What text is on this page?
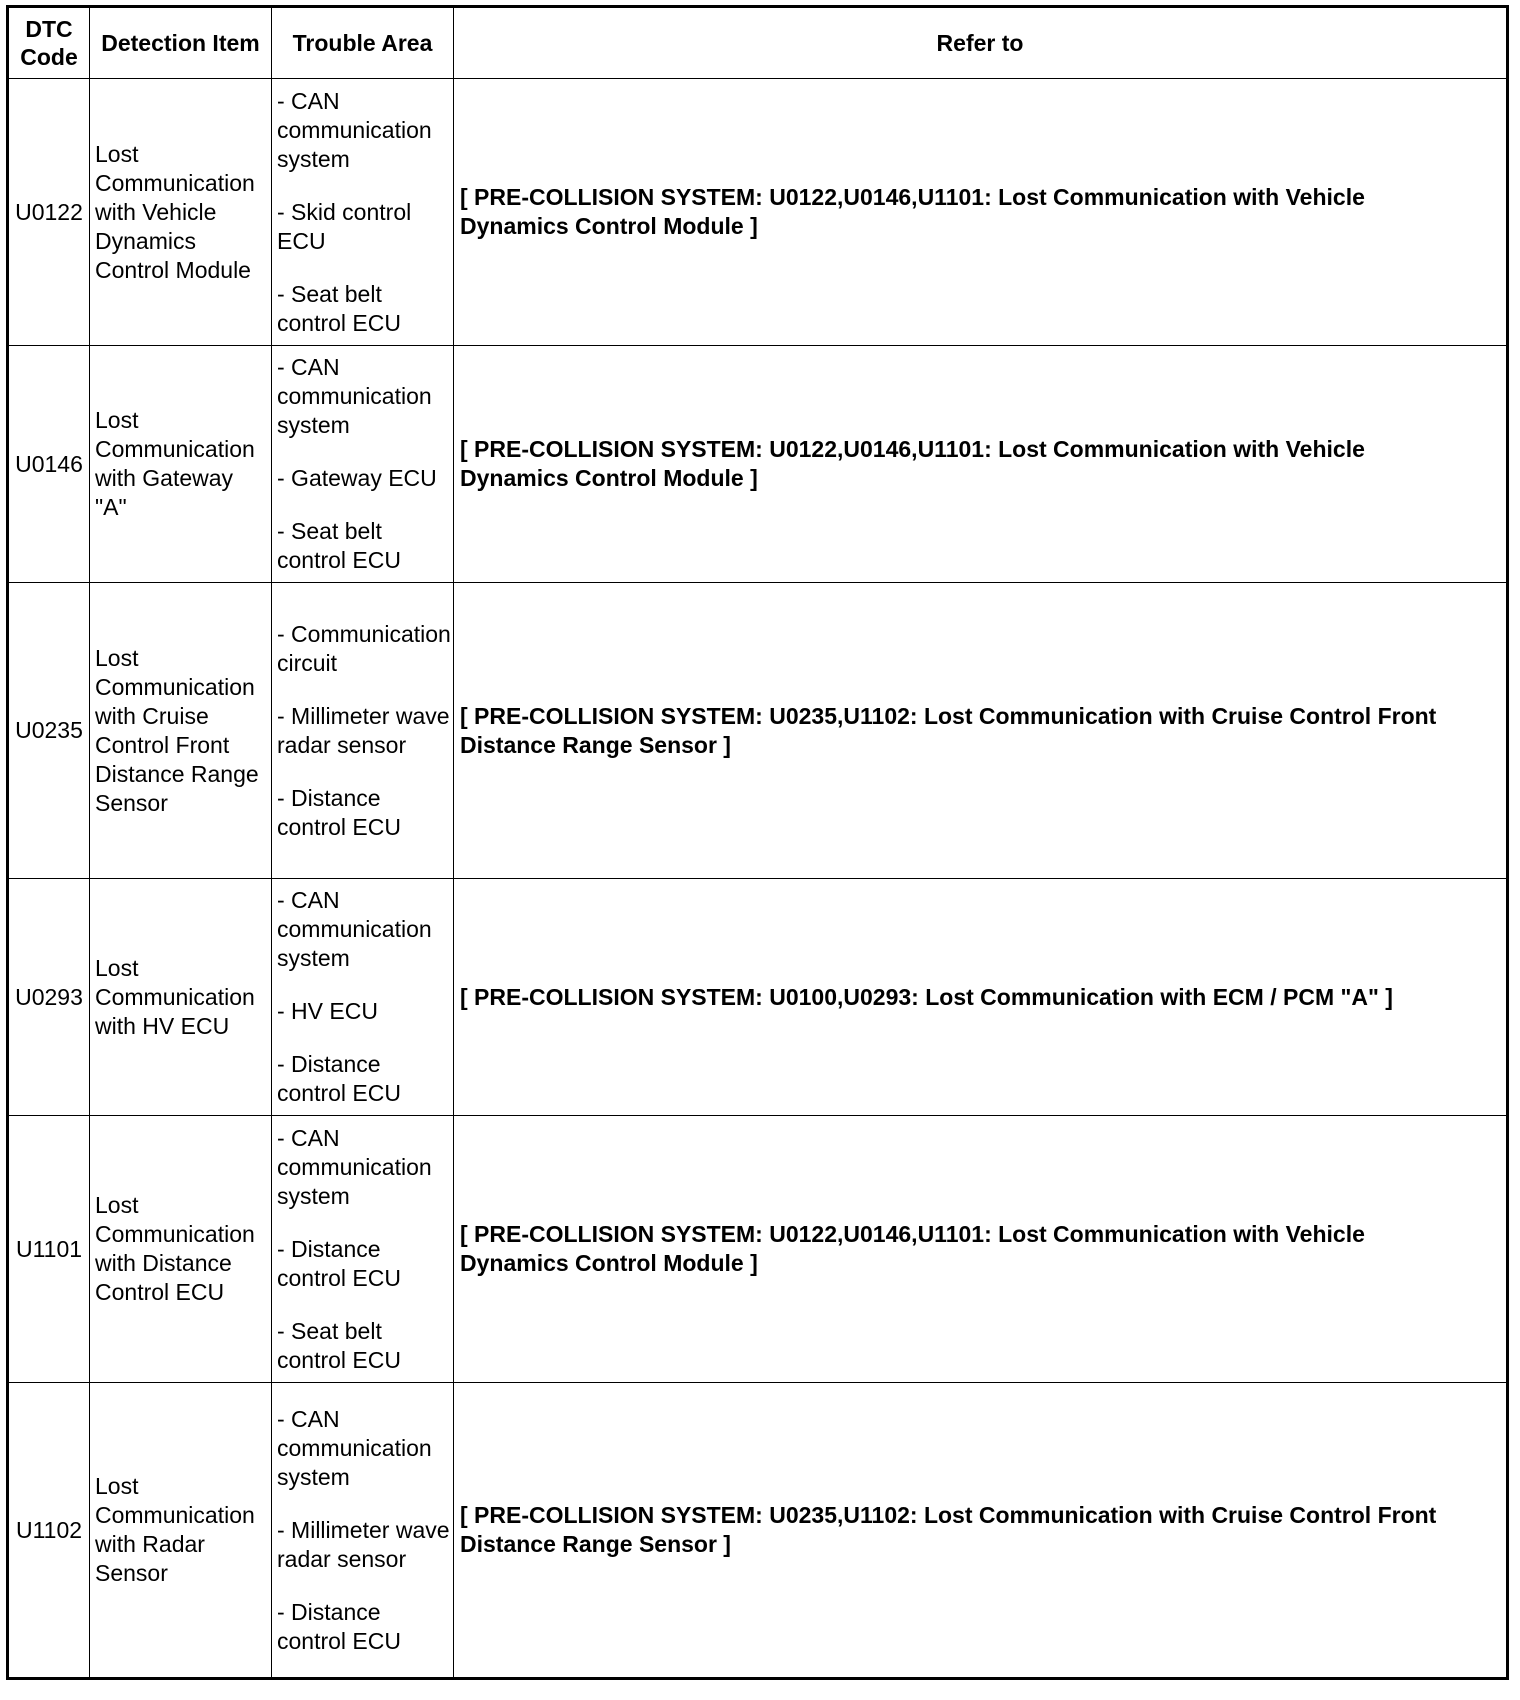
DTC Code	Detection Item	Trouble Area	Refer to
U0122	Lost Communication with Vehicle Dynamics Control Module	- CAN communication system
- Skid control ECU
- Seat belt control ECU	[ PRE-COLLISION SYSTEM: U0122,U0146,U1101: Lost Communication with Vehicle Dynamics Control Module ]
U0146	Lost Communication with Gateway "A"	- CAN communication system
- Gateway ECU
- Seat belt control ECU	[ PRE-COLLISION SYSTEM: U0122,U0146,U1101: Lost Communication with Vehicle Dynamics Control Module ]
U0235	Lost Communication with Cruise Control Front Distance Range Sensor	- Communication circuit
- Millimeter wave radar sensor
- Distance control ECU	[ PRE-COLLISION SYSTEM: U0235,U1102: Lost Communication with Cruise Control Front Distance Range Sensor ]
U0293	Lost Communication with HV ECU	- CAN communication system
- HV ECU
- Distance control ECU	[ PRE-COLLISION SYSTEM: U0100,U0293: Lost Communication with ECM / PCM "A" ]
U1101	Lost Communication with Distance Control ECU	- CAN communication system
- Distance control ECU
- Seat belt control ECU	[ PRE-COLLISION SYSTEM: U0122,U0146,U1101: Lost Communication with Vehicle Dynamics Control Module ]
U1102	Lost Communication with Radar Sensor	- CAN communication system
- Millimeter wave radar sensor
- Distance control ECU	[ PRE-COLLISION SYSTEM: U0235,U1102: Lost Communication with Cruise Control Front Distance Range Sensor ]
